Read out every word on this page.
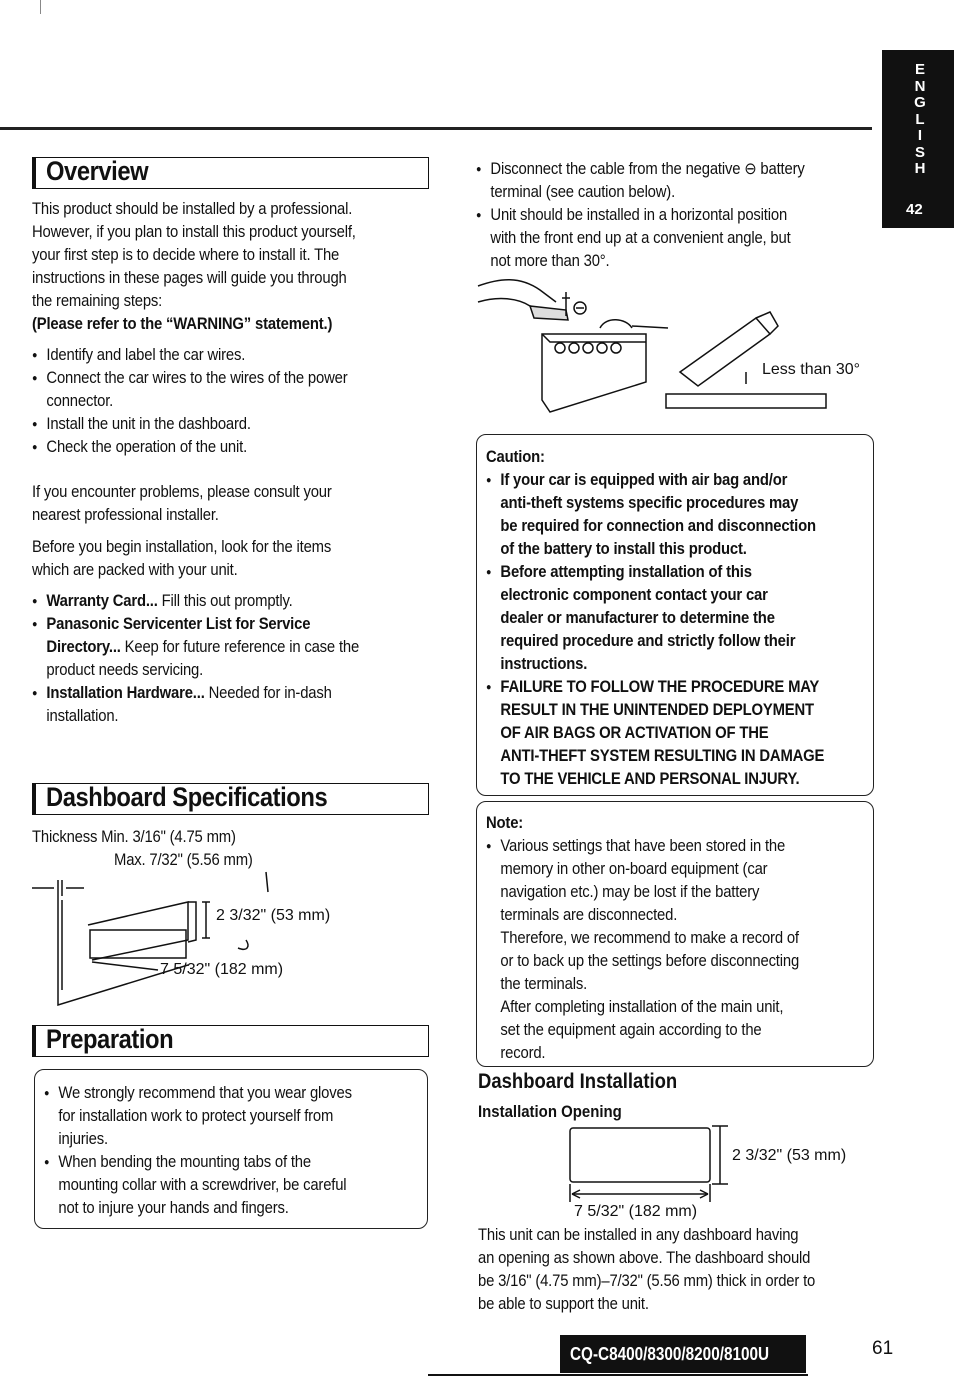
E
N
G
L
I
S
H
42
Overview

This product should be installed by a professional.

However, if you plan to install this product yourself,

your first step is to decide where to install it. The

instructions in these pages will guide you through

the remaining steps:

(Please refer to the “WARNING” statement.)

● Identify and label the car wires.

● Connect the car wires to the wires of the power

connector.

● Install the unit in the dashboard.

● Check the operation of the unit.

If you encounter problems, please consult your

nearest professional installer.

Before you begin installation, look for the items

which are packed with your unit.

● Warranty Card... Fill this out promptly.

● Panasonic Servicenter List for Service

Directory... Keep for future reference in case the

product needs servicing.

● Installation Hardware... Needed for in-dash

installation.

Dashboard Specifications
Thickness Min. 3/16" (4.75 mm)
Max. 7/32" (5.56 mm)
2 3/32" (53 mm)
7 5/32" (182 mm)
Preparation

● We strongly recommend that you wear gloves

for installation work to protect yourself from

injuries.

● When bending the mounting tabs of the

mounting collar with a screwdriver, be careful

not to injure your hands and fingers.

● Disconnect the cable from the negative ⊖ battery

terminal (see caution below).

● Unit should be installed in a horizontal position

with the front end up at a convenient angle, but

not more than 30°.

Less than 30°

Caution:

● If your car is equipped with air bag and/or

anti-theft systems specific procedures may

be required for connection and disconnection

of the battery to install this product.

● Before attempting installation of this

electronic component contact your car

dealer or manufacturer to determine the

required procedure and strictly follow their

instructions.

● FAILURE TO FOLLOW THE PROCEDURE MAY

RESULT IN THE UNINTENDED DEPLOYMENT

OF AIR BAGS OR ACTIVATION OF THE

ANTI-THEFT SYSTEM RESULTING IN DAMAGE

TO THE VEHICLE AND PERSONAL INJURY.

Note:

● Various settings that have been stored in the

memory in other on-board equipment (car

navigation etc.) may be lost if the battery

terminals are disconnected.

Therefore, we recommend to make a record of

or to back up the settings before disconnecting

the terminals.

After completing installation of the main unit,

set the equipment again according to the

record.

Dashboard Installation
Installation Opening
2 3/32" (53 mm)
7 5/32" (182 mm)

This unit can be installed in any dashboard having

an opening as shown above. The dashboard should

be 3/16" (4.75 mm)–7/32" (5.56 mm) thick in order to

be able to support the unit.

CQ-C8400/8300/8200/8100U	61
